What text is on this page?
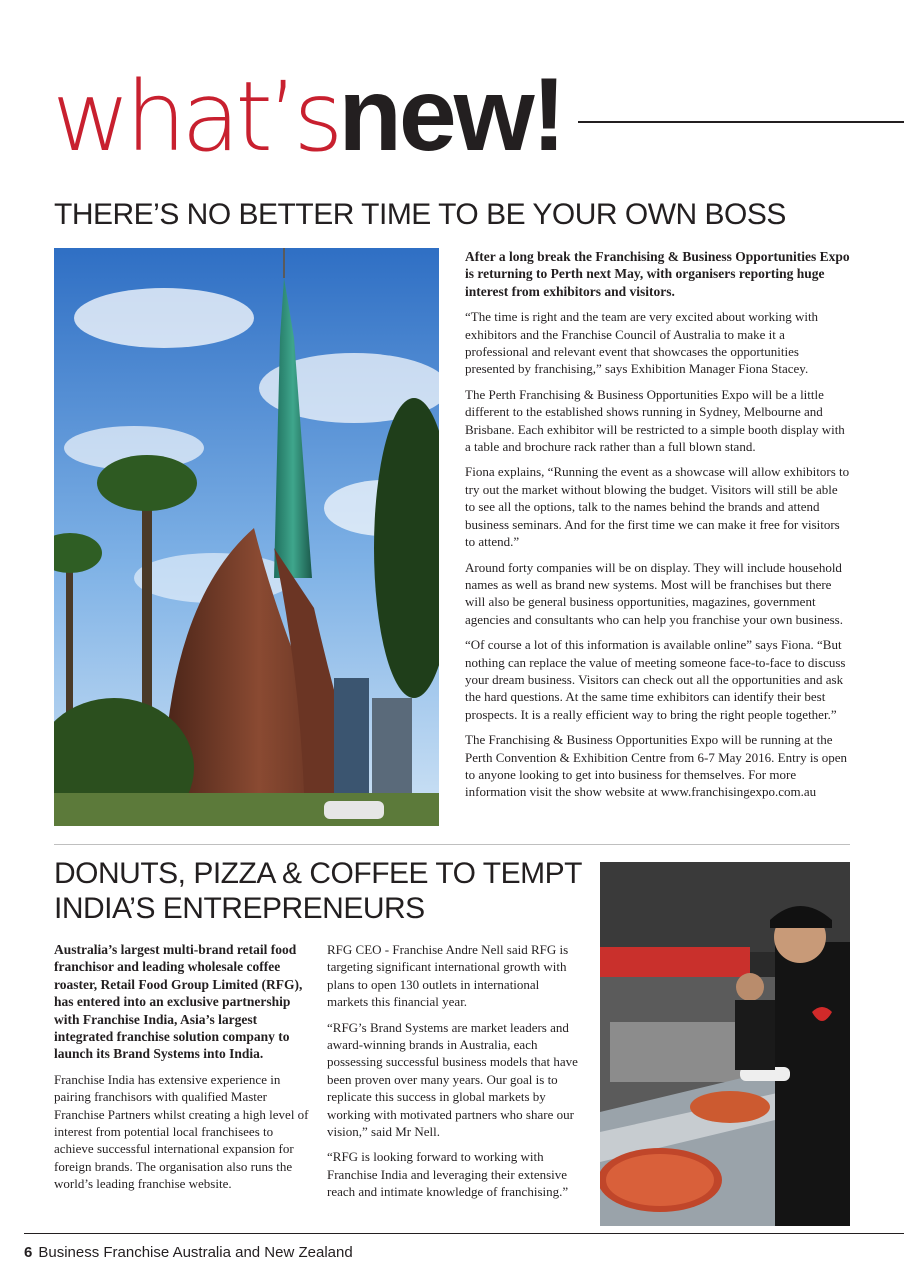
what’snew!
THERE’S NO BETTER TIME TO BE YOUR OWN BOSS

After a long break the Franchising & Business Opportunities Expo is returning to Perth next May, with organisers reporting huge interest from exhibitors and visitors.

“The time is right and the team are very excited about working with exhibitors and the Franchise Council of Australia to make it a professional and relevant event that showcases the opportunities presented by franchising,” says Exhibition Manager Fiona Stacey.

The Perth Franchising & Business Opportunities Expo will be a little different to the established shows running in Sydney, Melbourne and Brisbane. Each exhibitor will be restricted to a simple booth display with a table and brochure rack rather than a full blown stand.

Fiona explains, “Running the event as a showcase will allow exhibitors to try out the market without blowing the budget. Visitors will still be able to see all the options, talk to the names behind the brands and attend business seminars. And for the first time we can make it free for visitors to attend.”

Around forty companies will be on display. They will include household names as well as brand new systems. Most will be franchises but there will also be general business opportunities, magazines, government agencies and consultants who can help you franchise your own business.

“Of course a lot of this information is available online” says Fiona. “But nothing can replace the value of meeting someone face-to-face to discuss your dream business. Visitors can check out all the opportunities and ask the hard questions. At the same time exhibitors can identify their best prospects. It is a really efficient way to bring the right people together.”

The Franchising & Business Opportunities Expo will be running at the Perth Convention & Exhibition Centre from 6-7 May 2016. Entry is open to anyone looking to get into business for themselves. For more information visit the show website at www.franchisingexpo.com.au

DONUTS, PIZZA & COFFEE TO TEMPT INDIA’S ENTREPRENEURS

Australia’s largest multi-brand retail food franchisor and leading wholesale coffee roaster, Retail Food Group Limited (RFG), has entered into an exclusive partnership with Franchise India, Asia’s largest integrated franchise solution company to launch its Brand Systems into India.

Franchise India has extensive experience in pairing franchisors with qualified Master Franchise Partners whilst creating a high level of interest from potential local franchisees to achieve successful international expansion for foreign brands. The organisation also runs the world’s leading franchise website.

RFG CEO - Franchise Andre Nell said RFG is targeting significant international growth with plans to open 130 outlets in international markets this financial year.

“RFG’s Brand Systems are market leaders and award-winning brands in Australia, each possessing successful business models that have been proven over many years. Our goal is to replicate this success in global markets by working with motivated partners who share our vision,” said Mr Nell.

“RFG is looking forward to working with Franchise India and leveraging their extensive reach and intimate knowledge of franchising.”

6 Business Franchise Australia and New Zealand
